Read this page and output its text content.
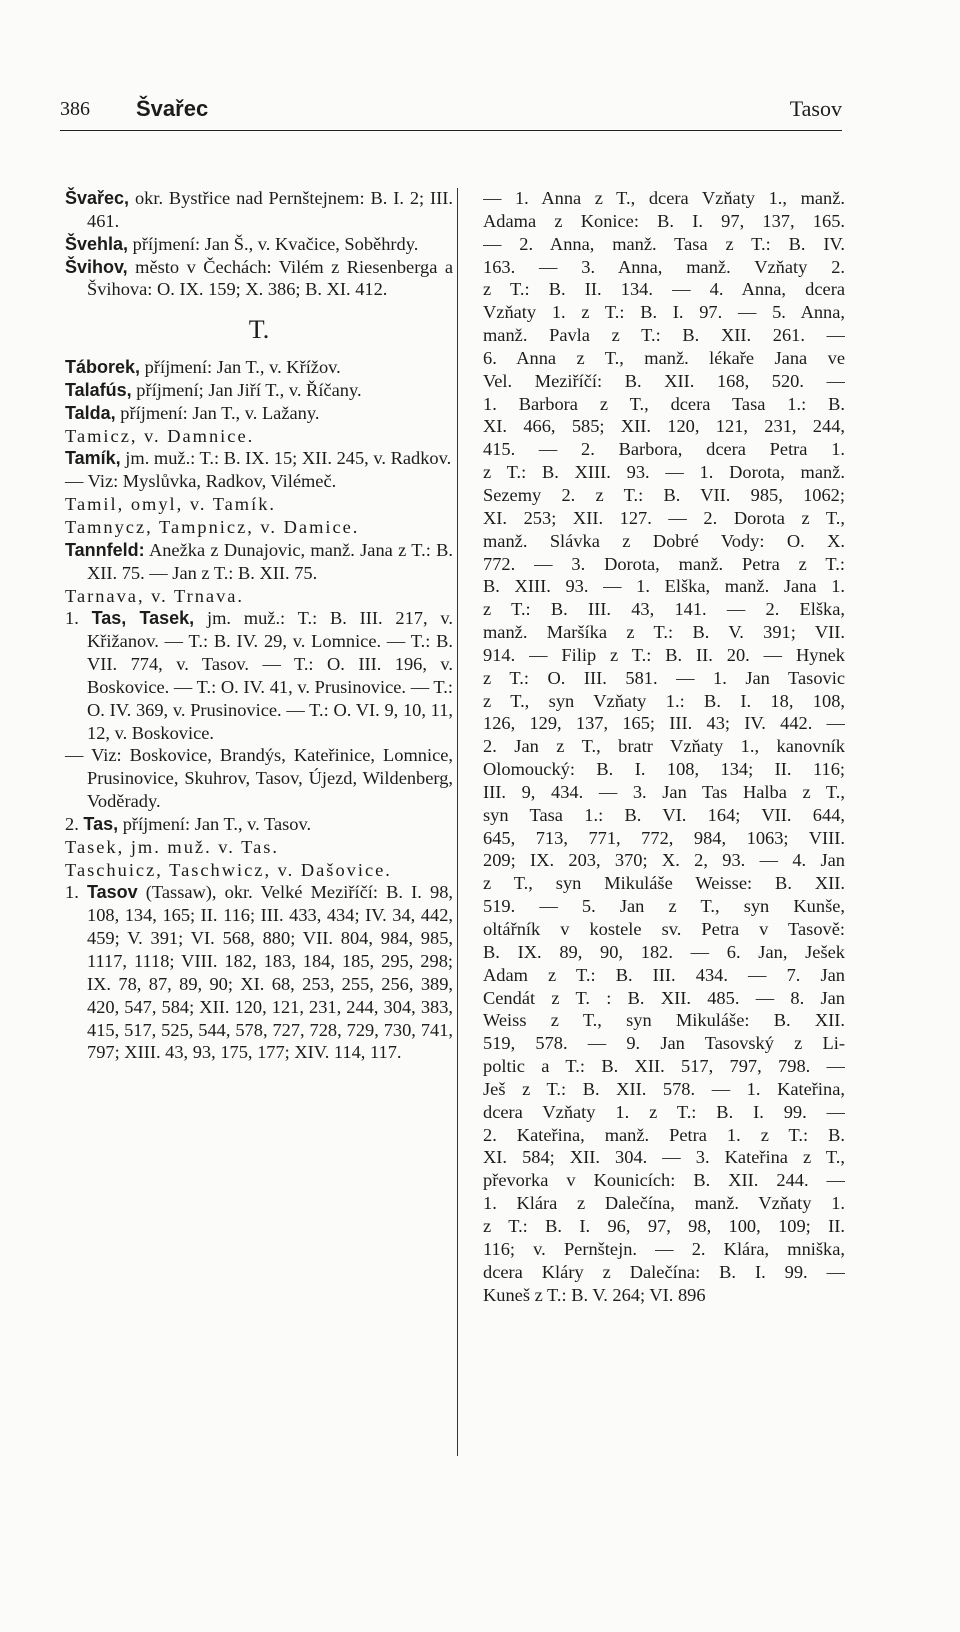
386 Švařec	Tasov

Švařec, okr. Bystřice nad Pernštejnem: B. I. 2; III. 461.

Švehla, příjmení: Jan Š., v. Kvačice, Soběhrdy.

Švihov, město v Čechách: Vilém z Riesenberga a Švihova: O. IX. 159; X. 386; B. XI. 412.

T.

Táborek, příjmení: Jan T., v. Křížov.

Talafús, příjmení; Jan Jiří T., v. Říčany.

Talda, příjmení: Jan T., v. Lažany.

Tamicz, v. Damnice.

Tamík, jm. muž.: T.: B. IX. 15; XII. 245, v. Radkov.

— Viz: Myslůvka, Radkov, Vilémeč.

Tamil, omyl, v. Tamík.

Tamnycz, Tampnicz, v. Damice.

Tannfeld: Anežka z Dunajovic, manž. Jana z T.: B. XII. 75. — Jan z T.: B. XII. 75.

Tarnava, v. Trnava.

1. Tas, Tasek, jm. muž.: T.: B. III. 217, v. Křižanov. — T.: B. IV. 29, v. Lomnice. — T.: B. VII. 774, v. Tasov. — T.: O. III. 196, v. Boskovice. — T.: O. IV. 41, v. Prusinovice. — T.: O. IV. 369, v. Prusinovice. — T.: O. VI. 9, 10, 11, 12, v. Boskovice.

— Viz: Boskovice, Brandýs, Kateřinice, Lomnice, Prusinovice, Skuhrov, Tasov, Újezd, Wildenberg, Voděrady.

2. Tas, příjmení: Jan T., v. Tasov.

Tasek, jm. muž. v. Tas.

Taschuicz, Taschwicz, v. Dašovice.

1. Tasov (Tassaw), okr. Velké Meziříčí: B. I. 98, 108, 134, 165; II. 116; III. 433, 434; IV. 34, 442, 459; V. 391; VI. 568, 880; VII. 804, 984, 985, 1117, 1118; VIII. 182, 183, 184, 185, 295, 298; IX. 78, 87, 89, 90; XI. 68, 253, 255, 256, 389, 420, 547, 584; XII. 120, 121, 231, 244, 304, 383, 415, 517, 525, 544, 578, 727, 728, 729, 730, 741, 797; XIII. 43, 93, 175, 177; XIV. 114, 117.

— 1. Anna z T., dcera Vzňaty 1., manž.
Adama z Konice: B. I. 97, 137, 165.
— 2. Anna, manž. Tasa z T.: B. IV.
163. — 3. Anna, manž. Vzňaty 2.
z T.: B. II. 134. — 4. Anna, dcera
Vzňaty 1. z T.: B. I. 97. — 5. Anna,
manž. Pavla z T.: B. XII. 261. —
6. Anna z T., manž. lékaře Jana ve
Vel. Meziříčí: B. XII. 168, 520. —
1. Barbora z T., dcera Tasa 1.: B.
XI. 466, 585; XII. 120, 121, 231, 244,
415. — 2. Barbora, dcera Petra 1.
z T.: B. XIII. 93. — 1. Dorota, manž.
Sezemy 2. z T.: B. VII. 985, 1062;
XI. 253; XII. 127. — 2. Dorota z T.,
manž. Slávka z Dobré Vody: O. X.
772. — 3. Dorota, manž. Petra z T.:
B. XIII. 93. — 1. Elška, manž. Jana 1.
z T.: B. III. 43, 141. — 2. Elška,
manž. Maršíka z T.: B. V. 391; VII.
914. — Filip z T.: B. II. 20. — Hynek
z T.: O. III. 581. — 1. Jan Tasovic
z T., syn Vzňaty 1.: B. I. 18, 108,
126, 129, 137, 165; III. 43; IV. 442. —
2. Jan z T., bratr Vzňaty 1., kanovník
Olomoucký: B. I. 108, 134; II. 116;
III. 9, 434. — 3. Jan Tas Halba z T.,
syn Tasa 1.: B. VI. 164; VII. 644,
645, 713, 771, 772, 984, 1063; VIII.
209; IX. 203, 370; X. 2, 93. — 4. Jan
z T., syn Mikuláše Weisse: B. XII.
519. — 5. Jan z T., syn Kunše,
oltářník v kostele sv. Petra v Tasově:
B. IX. 89, 90, 182. — 6. Jan, Ješek
Adam z T.: B. III. 434. — 7. Jan
Cendát z T. : B. XII. 485. — 8. Jan
Weiss z T., syn Mikuláše: B. XII.
519, 578. — 9. Jan Tasovský z Li-
poltic a T.: B. XII. 517, 797, 798. —
Ješ z T.: B. XII. 578. — 1. Kateřina,
dcera Vzňaty 1. z T.: B. I. 99. —
2. Kateřina, manž. Petra 1. z T.: B.
XI. 584; XII. 304. — 3. Kateřina z T.,
převorka v Kounicích: B. XII. 244. —
1. Klára z Dalečína, manž. Vzňaty 1.
z T.: B. I. 96, 97, 98, 100, 109; II.
116; v. Pernštejn. — 2. Klára, mniška,
dcera Kláry z Dalečína: B. I. 99. —
Kuneš z T.: B. V. 264; VI. 896
